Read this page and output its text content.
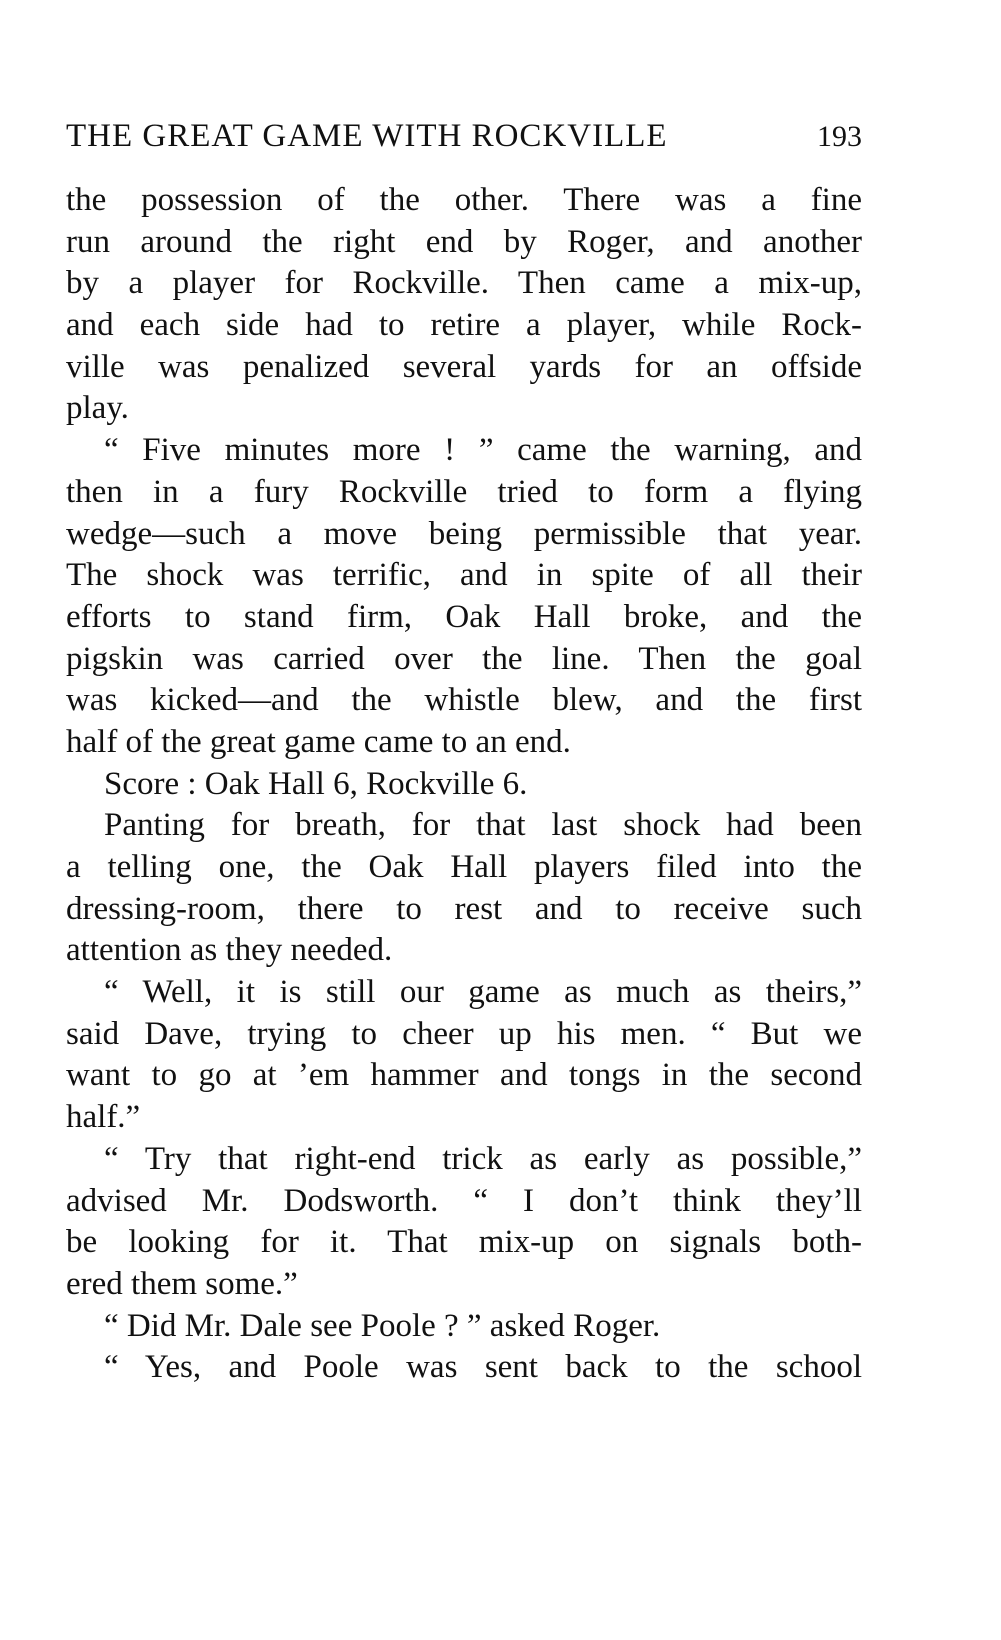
THE GREAT GAME WITH ROCKVILLE	193
the possession of the other. There was a fine
run around the right end by Roger, and another
by a player for Rockville. Then came a mix-up,
and each side had to retire a player, while Rock-
ville was penalized several yards for an offside
play.
“ Five minutes more ! ” came the warning, and
then in a fury Rockville tried to form a flying
wedge—such a move being permissible that year.
The shock was terrific, and in spite of all their
efforts to stand firm, Oak Hall broke, and the
pigskin was carried over the line. Then the goal
was kicked—and the whistle blew, and the first
half of the great game came to an end.
Score : Oak Hall 6, Rockville 6.
Panting for breath, for that last shock had been
a telling one, the Oak Hall players filed into the
dressing-room, there to rest and to receive such
attention as they needed.
“ Well, it is still our game as much as theirs,”
said Dave, trying to cheer up his men. “ But we
want to go at ’em hammer and tongs in the second
half.”
“ Try that right-end trick as early as possible,”
advised Mr. Dodsworth. “ I don’t think they’ll
be looking for it. That mix-up on signals both-
ered them some.”
“ Did Mr. Dale see Poole ? ” asked Roger.
“ Yes, and Poole was sent back to the school
